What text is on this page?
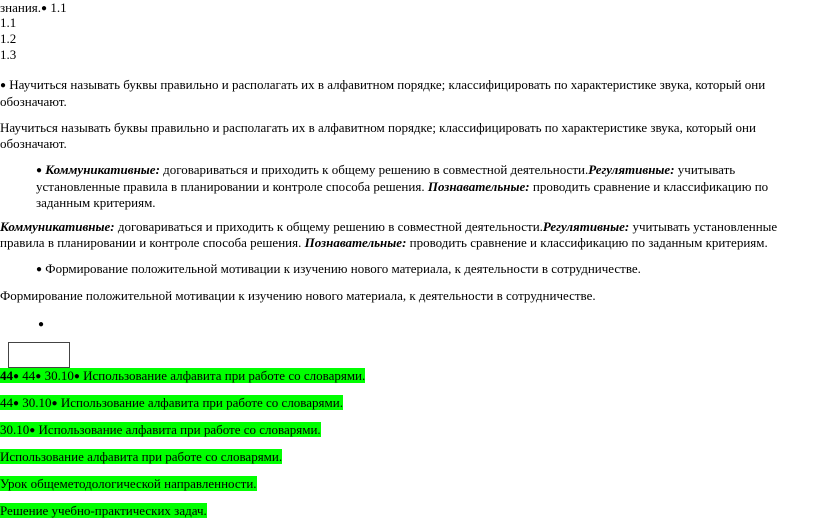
знания.● 1.1
1.1
1.2
1.3
● Научиться называть буквы правильно и располагать их в алфавитном порядке; классифицировать по характеристике звука, который они обозначают.
Научиться называть буквы правильно и располагать их в алфавитном порядке; классифицировать по характеристике звука, который они обозначают.
● Коммуникативные: договариваться и приходить к общему решению в совместной деятельности.Регулятивные: учитывать установленные правила в планировании и контроле способа решения. Познавательные: проводить сравнение и классификацию по заданным критериям.
Коммуникативные: договариваться и приходить к общему решению в совместной деятельности.Регулятивные: учитывать установленные правила в планировании и контроле способа решения. Познавательные: проводить сравнение и классификацию по заданным критериям.
● Формирование положительной мотивации к изучению нового материала, к деятельности в сотрудничестве.
Формирование положительной мотивации к изучению нового материала, к деятельности в сотрудничестве.
●
44● 44● 30.10● Использование алфавита при работе со словарями.
44● 30.10● Использование алфавита при работе со словарями.
30.10● Использование алфавита при работе со словарями.
Использование алфавита при работе со словарями.
Урок общеметодологической направленности.
Решение учебно-практических задач.
